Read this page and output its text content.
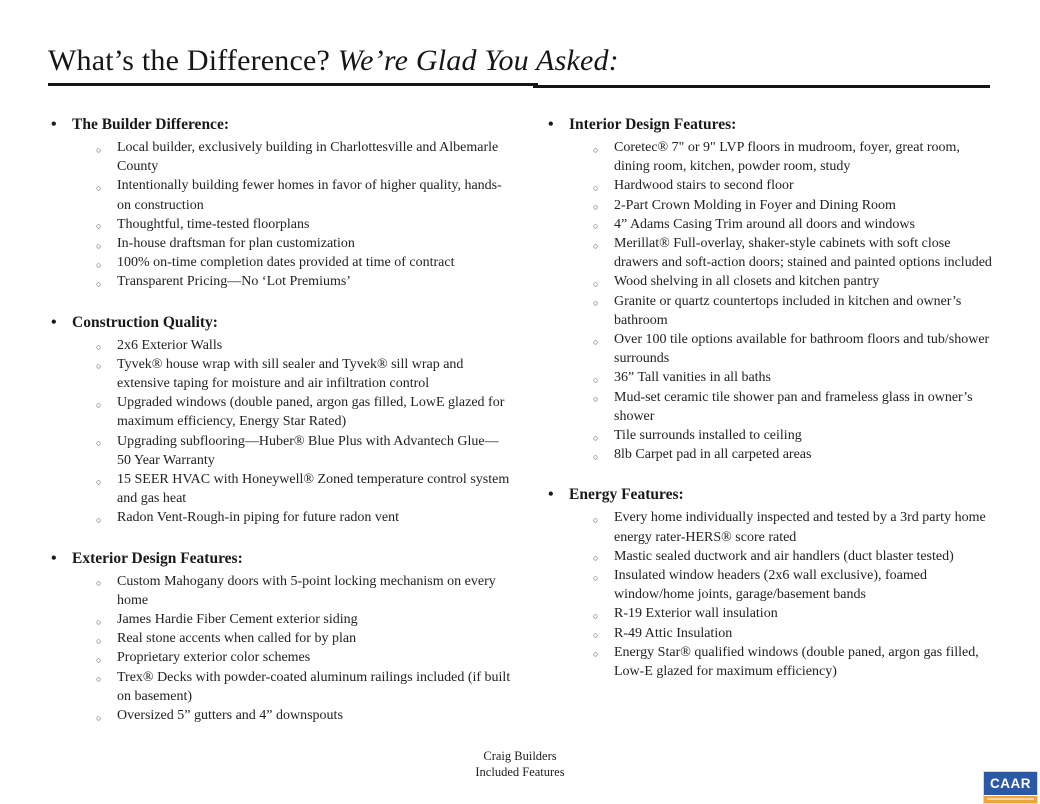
What’s the Difference? We’re Glad You Asked:
• The Builder Difference:
○ Local builder, exclusively building in Charlottesville and Albemarle County
○ Intentionally building fewer homes in favor of higher quality, hands-on construction
○ Thoughtful, time-tested floorplans
○ In-house draftsman for plan customization
○ 100% on-time completion dates provided at time of contract
○ Transparent Pricing—No ‘Lot Premiums’
• Construction Quality:
○ 2x6 Exterior Walls
○ Tyvek® house wrap with sill sealer and Tyvek® sill wrap and extensive taping for moisture and air infiltration control
○ Upgraded windows (double paned, argon gas filled, LowE glazed for maximum efficiency, Energy Star Rated)
○ Upgrading subflooring—Huber® Blue Plus with Advantech Glue—50 Year Warranty
○ 15 SEER HVAC with Honeywell® Zoned temperature control system and gas heat
○ Radon Vent-Rough-in piping for future radon vent
• Exterior Design Features:
○ Custom Mahogany doors with 5-point locking mechanism on every home
○ James Hardie Fiber Cement exterior siding
○ Real stone accents when called for by plan
○ Proprietary exterior color schemes
○ Trex® Decks with powder-coated aluminum railings included (if built on basement)
○ Oversized 5” gutters and 4” downspouts
• Interior Design Features:
○ Coretec® 7" or 9" LVP floors in mudroom, foyer, great room, dining room, kitchen, powder room, study
○ Hardwood stairs to second floor
○ 2-Part Crown Molding in Foyer and Dining Room
○ 4” Adams Casing Trim around all doors and windows
○ Merillat® Full-overlay, shaker-style cabinets with soft close drawers and soft-action doors; stained and painted options included
○ Wood shelving in all closets and kitchen pantry
○ Granite or quartz countertops included in kitchen and owner’s bathroom
○ Over 100 tile options available for bathroom floors and tub/shower surrounds
○ 36” Tall vanities in all baths
○ Mud-set ceramic tile shower pan and frameless glass in owner’s shower
○ Tile surrounds installed to ceiling
○ 8lb Carpet pad in all carpeted areas
• Energy Features:
○ Every home individually inspected and tested by a 3rd party home energy rater-HERS® score rated
○ Mastic sealed ductwork and air handlers (duct blaster tested)
○ Insulated window headers (2x6 wall exclusive), foamed window/home joints, garage/basement bands
○ R-19 Exterior wall insulation
○ R-49 Attic Insulation
○ Energy Star® qualified windows (double paned, argon gas filled, Low-E glazed for maximum efficiency)
Craig Builders
Included Features
CAAR
